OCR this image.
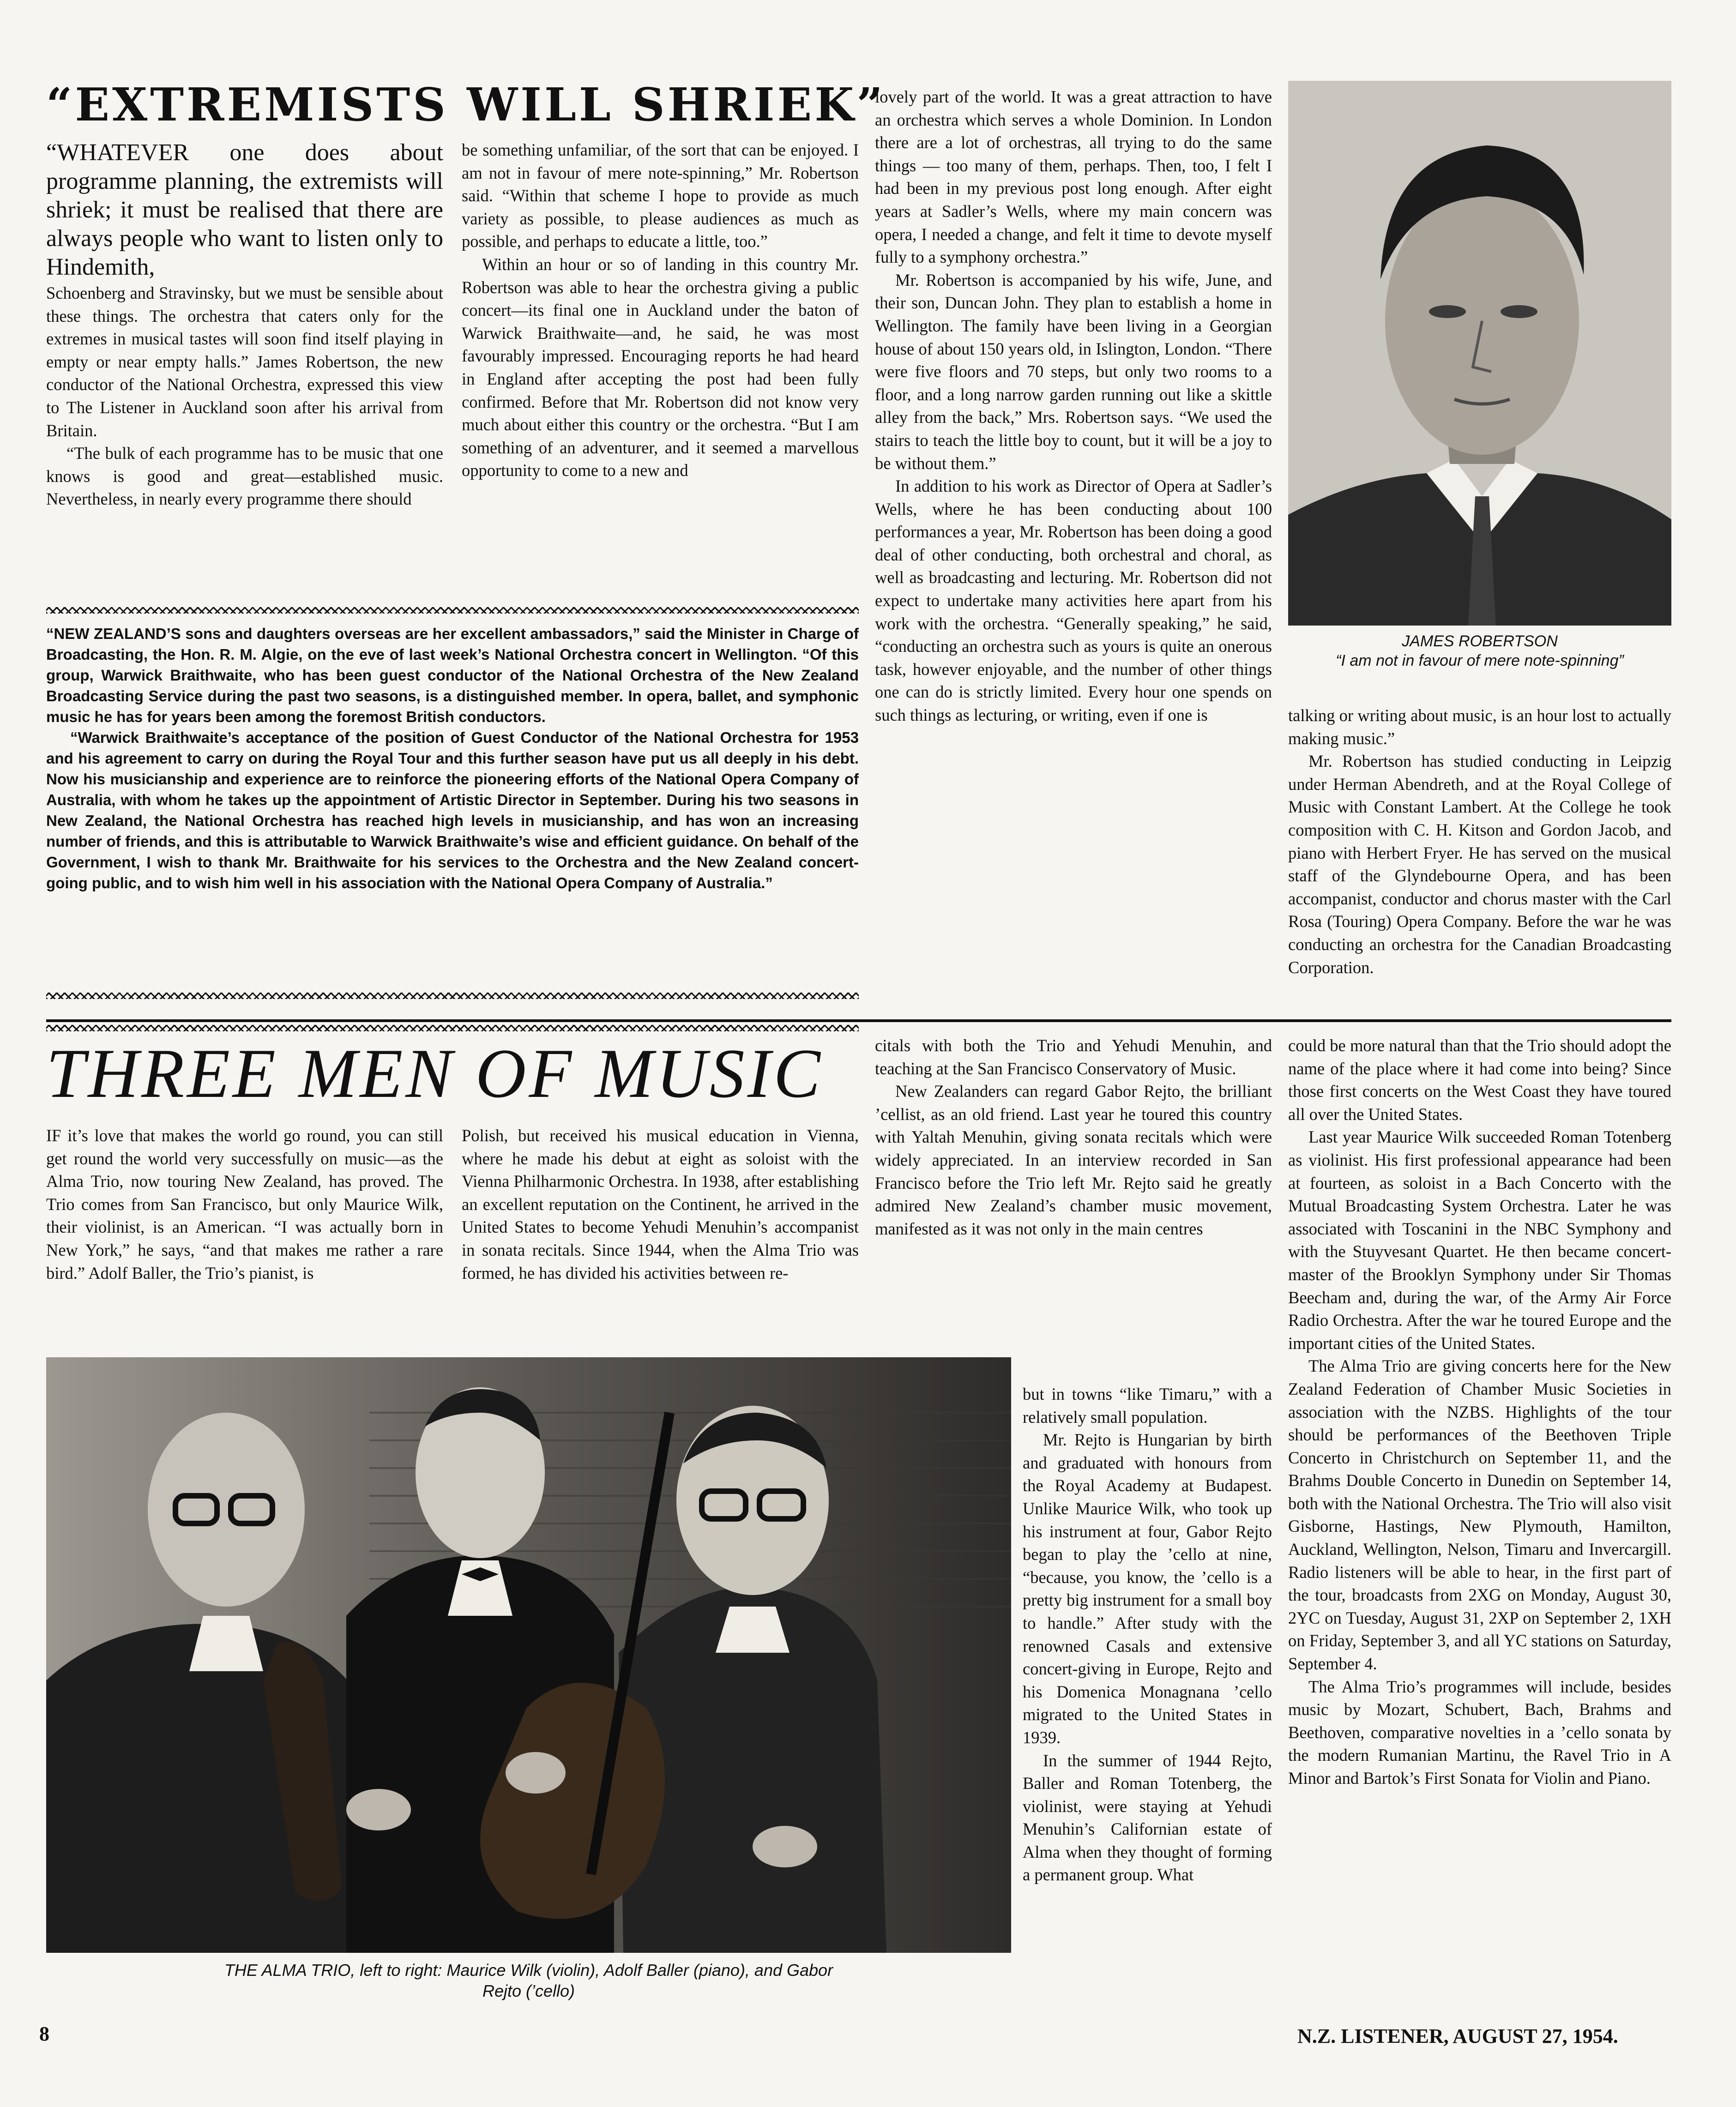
“EXTREMISTS WILL SHRIEK”

“WHATEVER one does about programme planning, the extremists will shriek; it must be realised that there are always people who want to listen only to Hindemith,

Schoenberg and Stravinsky, but we must be sensible about these things. The orchestra that caters only for the extremes in musical tastes will soon find itself playing in empty or near empty halls.” James Robertson, the new conductor of the National Orchestra, expressed this view to The Listener in Auckland soon after his arrival from Britain.

“The bulk of each programme has to be music that one knows is good and great—established music. Nevertheless, in nearly every programme there should

be something unfamiliar, of the sort that can be enjoyed. I am not in favour of mere note-spinning,” Mr. Robertson said. “Within that scheme I hope to provide as much variety as possible, to please audiences as much as possible, and perhaps to educate a little, too.”

Within an hour or so of landing in this country Mr. Robertson was able to hear the orchestra giving a public concert—its final one in Auckland under the baton of Warwick Braithwaite—and, he said, he was most favourably impressed. Encouraging reports he had heard in England after accepting the post had been fully confirmed. Before that Mr. Robertson did not know very much about either this country or the orchestra. “But I am something of an adventurer, and it seemed a marvellous opportunity to come to a new and

lovely part of the world. It was a great attraction to have an orchestra which serves a whole Dominion. In London there are a lot of orchestras, all trying to do the same things — too many of them, perhaps. Then, too, I felt I had been in my previous post long enough. After eight years at Sadler’s Wells, where my main concern was opera, I needed a change, and felt it time to devote myself fully to a symphony orchestra.”

Mr. Robertson is accompanied by his wife, June, and their son, Duncan John. They plan to establish a home in Wellington. The family have been living in a Georgian house of about 150 years old, in Islington, London. “There were five floors and 70 steps, but only two rooms to a floor, and a long narrow garden running out like a skittle alley from the back,” Mrs. Robertson says. “We used the stairs to teach the little boy to count, but it will be a joy to be without them.”

In addition to his work as Director of Opera at Sadler’s Wells, where he has been conducting about 100 performances a year, Mr. Robertson has been doing a good deal of other conducting, both orchestral and choral, as well as broadcasting and lecturing. Mr. Robertson did not expect to undertake many activities here apart from his work with the orchestra. “Generally speaking,” he said, “conducting an orchestra such as yours is quite an onerous task, however enjoyable, and the number of other things one can do is strictly limited. Every hour one spends on such things as lecturing, or writing, even if one is

JAMES ROBERTSON
“I am not in favour of mere note-spinning”

talking or writing about music, is an hour lost to actually making music.”

Mr. Robertson has studied conducting in Leipzig under Herman Abendreth, and at the Royal College of Music with Constant Lambert. At the College he took composition with C. H. Kitson and Gordon Jacob, and piano with Herbert Fryer. He has served on the musical staff of the Glyndebourne Opera, and has been accompanist, conductor and chorus master with the Carl Rosa (Touring) Opera Company. Before the war he was conducting an orchestra for the Canadian Broadcasting Corporation.

“NEW ZEALAND’S sons and daughters overseas are her excellent ambassadors,” said the Minister in Charge of Broadcasting, the Hon. R. M. Algie, on the eve of last week’s National Orchestra concert in Wellington. “Of this group, Warwick Braithwaite, who has been guest conductor of the National Orchestra of the New Zealand Broadcasting Service during the past two seasons, is a distinguished member. In opera, ballet, and symphonic music he has for years been among the foremost British conductors.

“Warwick Braithwaite’s acceptance of the position of Guest Conductor of the National Orchestra for 1953 and his agreement to carry on during the Royal Tour and this further season have put us all deeply in his debt. Now his musicianship and experience are to reinforce the pioneering efforts of the National Opera Company of Australia, with whom he takes up the appointment of Artistic Director in September. During his two seasons in New Zealand, the National Orchestra has reached high levels in musicianship, and has won an increasing number of friends, and this is attributable to Warwick Braithwaite’s wise and efficient guidance. On behalf of the Government, I wish to thank Mr. Braithwaite for his services to the Orchestra and the New Zealand concert-going public, and to wish him well in his association with the National Opera Company of Australia.”

THREE MEN OF MUSIC

IF it’s love that makes the world go round, you can still get round the world very successfully on music—as the Alma Trio, now touring New Zealand, has proved. The Trio comes from San Francisco, but only Maurice Wilk, their violinist, is an American. “I was actually born in New York,” he says, “and that makes me rather a rare bird.” Adolf Baller, the Trio’s pianist, is

Polish, but received his musical education in Vienna, where he made his debut at eight as soloist with the Vienna Philharmonic Orchestra. In 1938, after establishing an excellent reputation on the Continent, he arrived in the United States to become Yehudi Menuhin’s accompanist in sonata recitals. Since 1944, when the Alma Trio was formed, he has divided his activities between re-

citals with both the Trio and Yehudi Menuhin, and teaching at the San Francisco Conservatory of Music.

New Zealanders can regard Gabor Rejto, the brilliant ’cellist, as an old friend. Last year he toured this country with Yaltah Menuhin, giving sonata recitals which were widely appreciated. In an interview recorded in San Francisco before the Trio left Mr. Rejto said he greatly admired New Zealand’s chamber music movement, manifested as it was not only in the main centres

but in towns “like Timaru,” with a relatively small population.

Mr. Rejto is Hungarian by birth and graduated with honours from the Royal Academy at Budapest. Unlike Maurice Wilk, who took up his instrument at four, Gabor Rejto began to play the ’cello at nine, “because, you know, the ’cello is a pretty big instrument for a small boy to handle.” After study with the renowned Casals and extensive concert-giving in Europe, Rejto and his Domenica Monagnana ’cello migrated to the United States in 1939.

In the summer of 1944 Rejto, Baller and Roman Totenberg, the violinist, were staying at Yehudi Menuhin’s Californian estate of Alma when they thought of forming a permanent group. What

THE ALMA TRIO, left to right: Maurice Wilk (violin), Adolf Baller (piano), and Gabor
Rejto (’cello)

could be more natural than that the Trio should adopt the name of the place where it had come into being? Since those first concerts on the West Coast they have toured all over the United States.

Last year Maurice Wilk succeeded Roman Totenberg as violinist. His first professional appearance had been at fourteen, as soloist in a Bach Concerto with the Mutual Broadcasting System Orchestra. Later he was associated with Toscanini in the NBC Symphony and with the Stuyvesant Quartet. He then became concert-master of the Brooklyn Symphony under Sir Thomas Beecham and, during the war, of the Army Air Force Radio Orchestra. After the war he toured Europe and the important cities of the United States.

The Alma Trio are giving concerts here for the New Zealand Federation of Chamber Music Societies in association with the NZBS. Highlights of the tour should be performances of the Beethoven Triple Concerto in Christchurch on September 11, and the Brahms Double Concerto in Dunedin on September 14, both with the National Orchestra. The Trio will also visit Gisborne, Hastings, New Plymouth, Hamilton, Auckland, Wellington, Nelson, Timaru and Invercargill. Radio listeners will be able to hear, in the first part of the tour, broadcasts from 2XG on Monday, August 30, 2YC on Tuesday, August 31, 2XP on September 2, 1XH on Friday, September 3, and all YC stations on Saturday, September 4.

The Alma Trio’s programmes will include, besides music by Mozart, Schubert, Bach, Brahms and Beethoven, comparative novelties in a ’cello sonata by the modern Rumanian Martinu, the Ravel Trio in A Minor and Bartok’s First Sonata for Violin and Piano.

8	N.Z. LISTENER, AUGUST 27, 1954.
